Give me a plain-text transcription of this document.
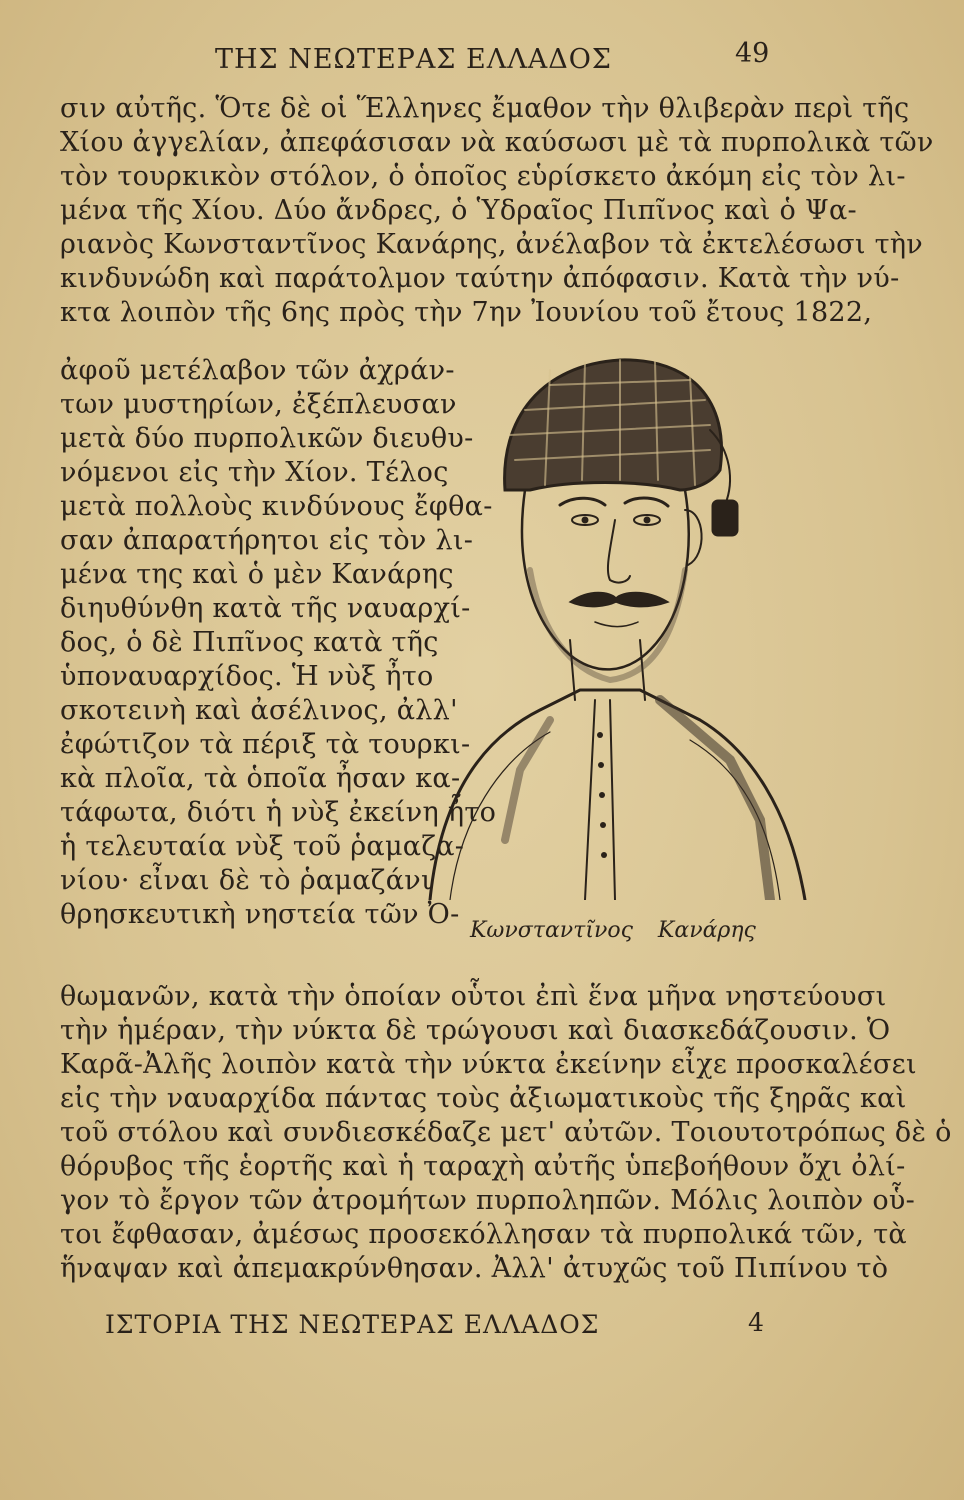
ΤΗΣ ΝΕΩΤΕΡΑΣ ΕΛΛΑΔΟΣ	49
σιν αὐτῆς. Ὅτε δὲ οἱ Ἕλληνες ἔμαθον τὴν θλιβερὰν περὶ τῆς
Χίου ἀγγελίαν, ἀπεφάσισαν νὰ καύσωσι μὲ τὰ πυρπολικὰ τῶν
τὸν τουρκικὸν στόλον, ὁ ὁποῖος εὑρίσκετο ἀκόμη εἰς τὸν λι-
μένα τῆς Χίου. Δύο ἄνδρες, ὁ Ὑδραῖος Πιπῖνος καὶ ὁ Ψα-
ριανὸς Κωνσταντῖνος Κανάρης, ἀνέλαβον τὰ ἐκτελέσωσι τὴν
κινδυνώδη καὶ παράτολμον ταύτην ἀπόφασιν. Κατὰ τὴν νύ-
κτα λοιπὸν τῆς 6ης πρὸς τὴν 7ην Ἰουνίου τοῦ ἔτους 1822,
ἀφοῦ μετέλαβον τῶν ἀχράν-
των μυστηρίων, ἐξέπλευσαν
μετὰ δύο πυρπολικῶν διευθυ-
νόμενοι εἰς τὴν Χίον. Τέλος
μετὰ πολλοὺς κινδύνους ἔφθα-
σαν ἀπαρατήρητοι εἰς τὸν λι-
μένα της καὶ ὁ μὲν Κανάρης
διηυθύνθη κατὰ τῆς ναυαρχί-
δος, ὁ δὲ Πιπῖνος κατὰ τῆς
ὑποναυαρχίδος. Ἡ νὺξ ἦτο
σκοτεινὴ καὶ ἀσέλινος, ἀλλ'
ἐφώτιζον τὰ πέριξ τὰ τουρκι-
κὰ πλοῖα, τὰ ὁποῖα ἦσαν κα-
τάφωτα, διότι ἡ νὺξ ἐκείνη ἦτο
ἡ τελευταία νὺξ τοῦ ῥαμαζα-
νίου· εἶναι δὲ τὸ ῥαμαζάνι
θρησκευτικὴ νηστεία τῶν Ὀ-
Κωνσταντῖνος Κανάρης
θωμανῶν, κατὰ τὴν ὁποίαν οὗτοι ἐπὶ ἕνα μῆνα νηστεύουσι
τὴν ἡμέραν, τὴν νύκτα δὲ τρώγουσι καὶ διασκεδάζουσιν. Ὁ
Καρᾶ-Ἀλῆς λοιπὸν κατὰ τὴν νύκτα ἐκείνην εἶχε προσκαλέσει
εἰς τὴν ναυαρχίδα πάντας τοὺς ἀξιωματικοὺς τῆς ξηρᾶς καὶ
τοῦ στόλου καὶ συνδιεσκέδαζε μετ' αὐτῶν. Τοιουτοτρόπως δὲ ὁ
θόρυβος τῆς ἑορτῆς καὶ ἡ ταραχὴ αὐτῆς ὑπεβοήθουν ὄχι ὀλί-
γον τὸ ἔργον τῶν ἀτρομήτων πυρποληπῶν. Μόλις λοιπὸν οὗ-
τοι ἔφθασαν, ἀμέσως προσεκόλλησαν τὰ πυρπολικά τῶν, τὰ
ἥναψαν καὶ ἀπεμακρύνθησαν. Ἀλλ' ἀτυχῶς τοῦ Πιπίνου τὸ
ΙΣΤΟΡΙΑ ΤΗΣ ΝΕΩΤΕΡΑΣ ΕΛΛΑΔΟΣ	4
